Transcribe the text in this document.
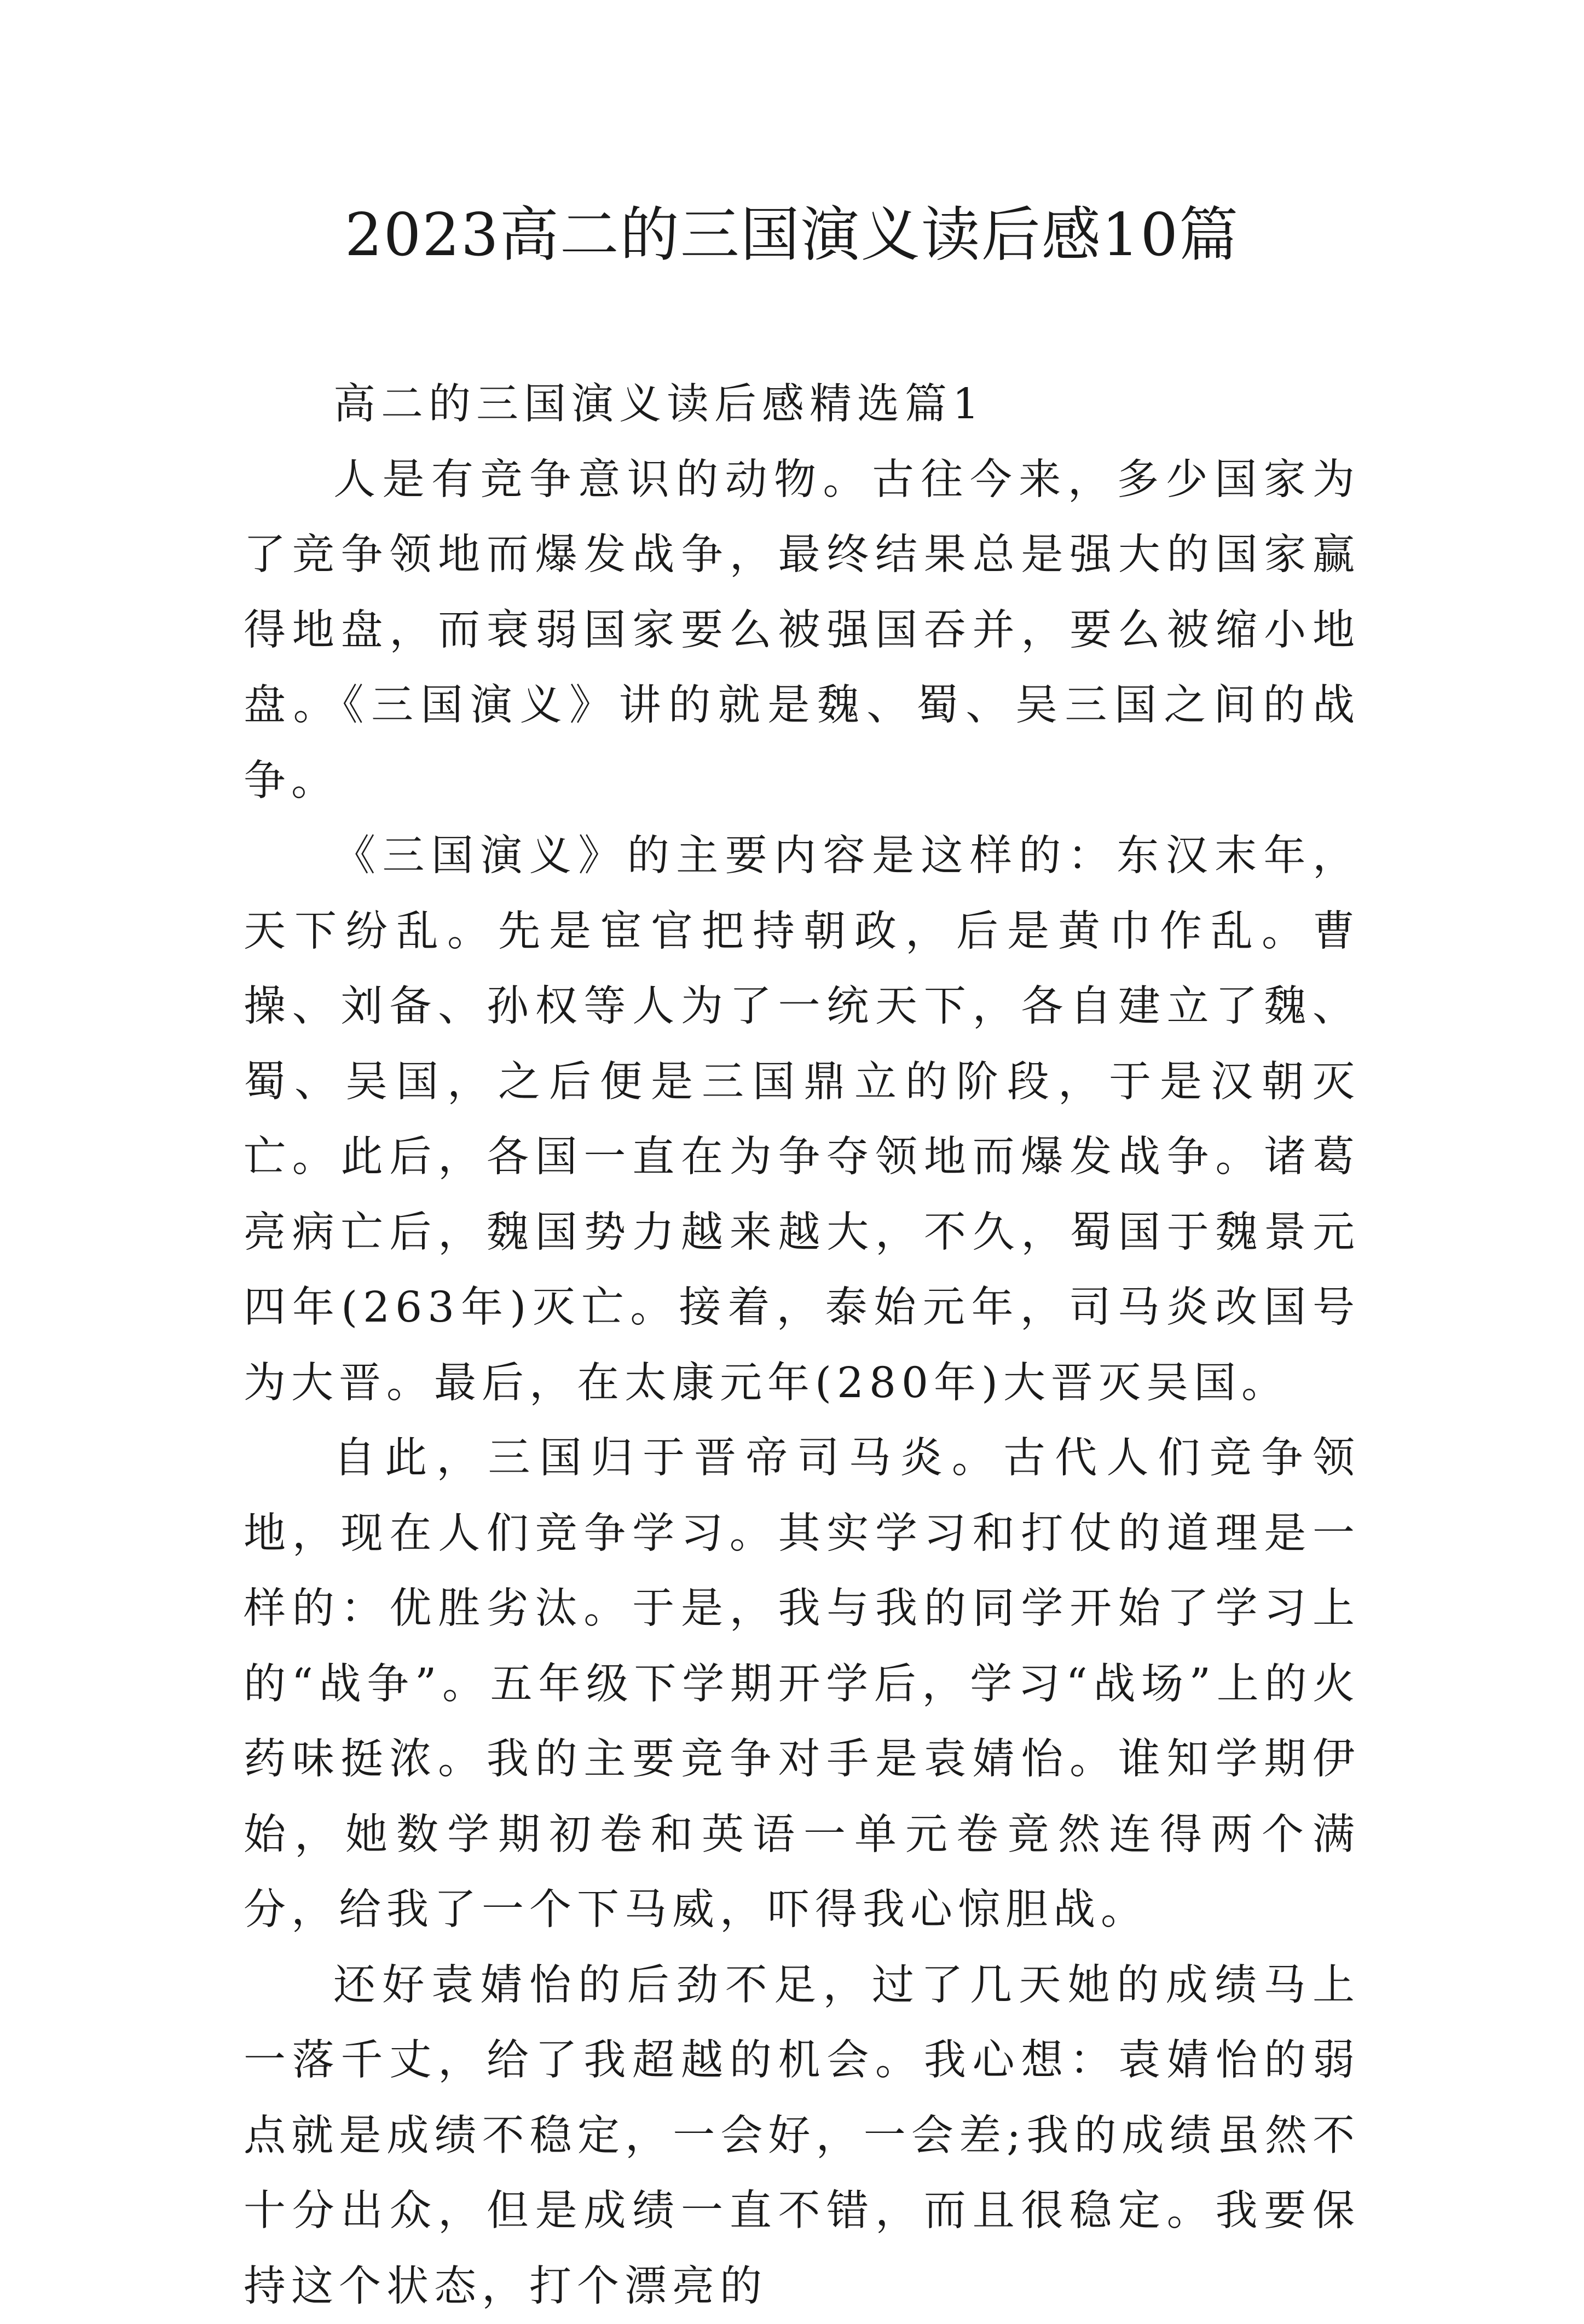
2023高二的三国演义读后感10篇

高二的三国演义读后感精选篇1

人是有竞争意识的动物。古往今来，多少国家为了竞争领地而爆发战争，最终结果总是强大的国家赢得地盘，而衰弱国家要么被强国吞并，要么被缩小地盘。《三国演义》讲的就是魏、蜀、吴三国之间的战争。

《三国演义》的主要内容是这样的：东汉末年，天下纷乱。先是宦官把持朝政，后是黄巾作乱。曹操、刘备、孙权等人为了一统天下，各自建立了魏、蜀、吴国，之后便是三国鼎立的阶段，于是汉朝灭亡。此后，各国一直在为争夺领地而爆发战争。诸葛亮病亡后，魏国势力越来越大，不久，蜀国于魏景元四年(263年)灭亡。接着，泰始元年，司马炎改国号为大晋。最后，在太康元年(280年)大晋灭吴国。

自此，三国归于晋帝司马炎。古代人们竞争领地，现在人们竞争学习。其实学习和打仗的道理是一样的：优胜劣汰。于是，我与我的同学开始了学习上的“战争”。五年级下学期开学后，学习“战场”上的火药味挺浓。我的主要竞争对手是袁婧怡。谁知学期伊始，她数学期初卷和英语一单元卷竟然连得两个满分，给我了一个下马威，吓得我心惊胆战。

还好袁婧怡的后劲不足，过了几天她的成绩马上一落千丈，给了我超越的机会。我心想：袁婧怡的弱点就是成绩不稳定，一会好，一会差;我的成绩虽然不十分出众，但是成绩一直不错，而且很稳定。我要保持这个状态，打个漂亮的
